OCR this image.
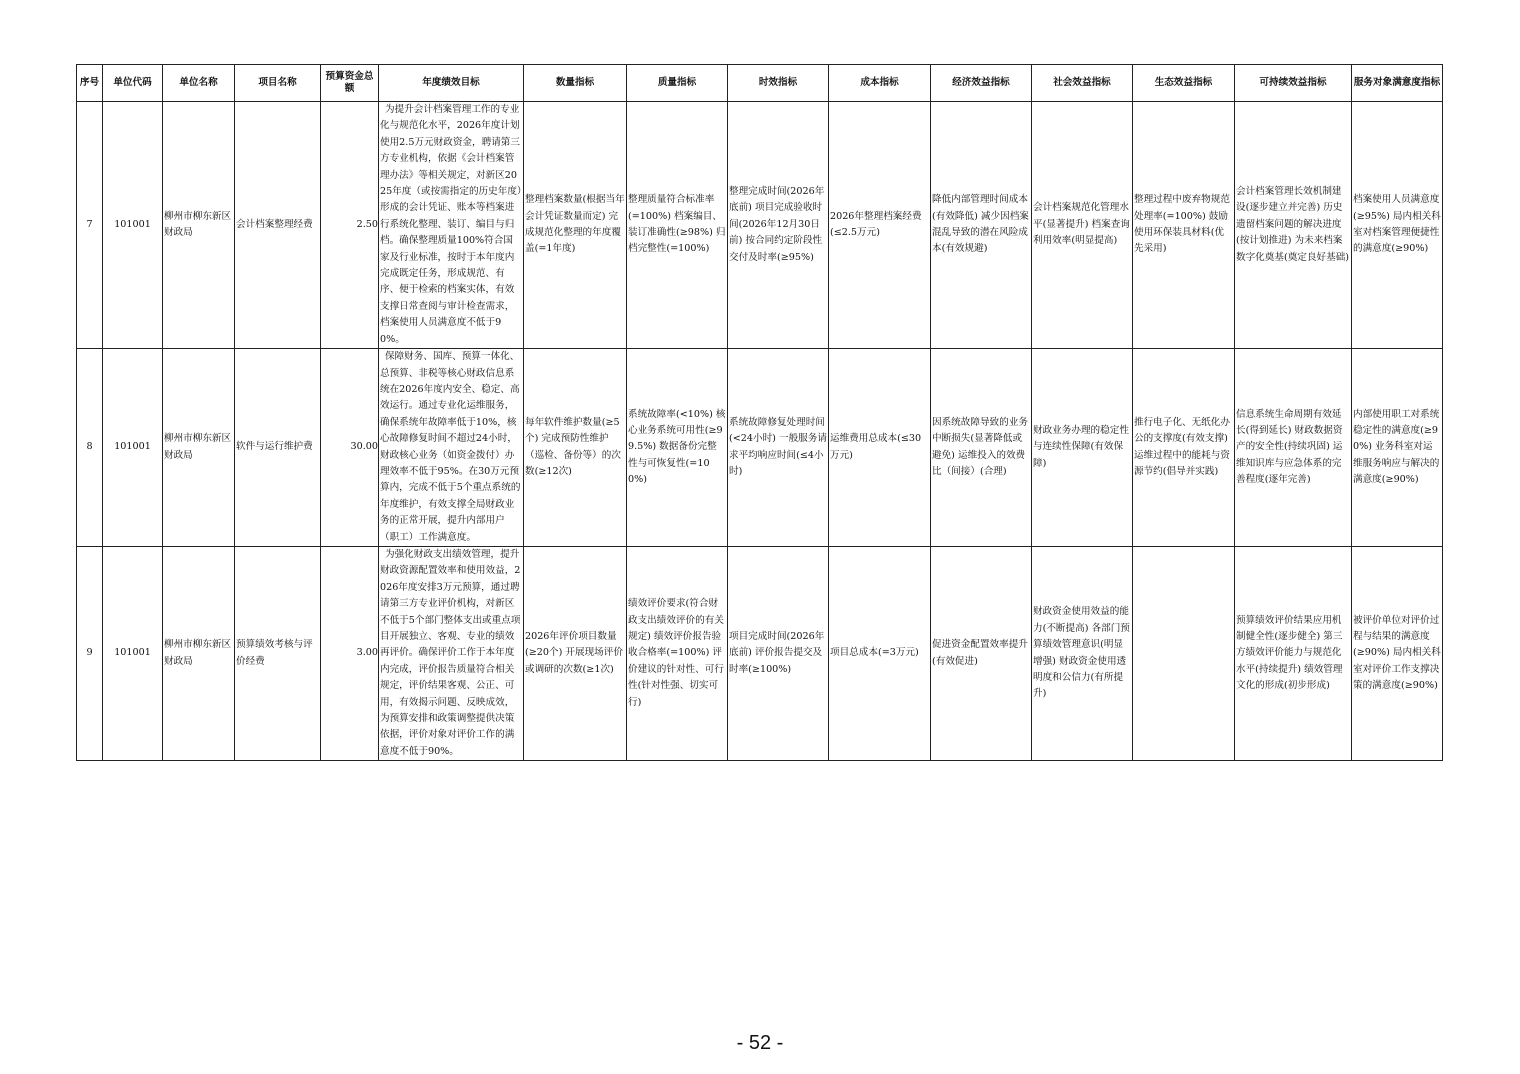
序号	单位代码	单位名称	项目名称	预算资金总额	年度绩效目标	数量指标	质量指标	时效指标	成本指标	经济效益指标	社会效益指标	生态效益指标	可持续效益指标	服务对象满意度指标
7	101001	柳州市柳东新区财政局	会计档案整理经费	2.50	为提升会计档案管理工作的专业化与规范化水平，2026年度计划使用2.5万元财政资金，聘请第三方专业机构，依据《会计档案管理办法》等相关规定，对新区2025年度（或按需指定的历史年度）形成的会计凭证、账本等档案进行系统化整理、装订、编目与归档。确保整理质量100%符合国家及行业标准，按时于本年度内完成既定任务，形成规范、有序、便于检索的档案实体，有效支撑日常查阅与审计检查需求，档案使用人员满意度不低于90%。	整理档案数量(根据当年会计凭证数量而定) 完成规范化整理的年度覆盖(=1年度)	整理质量符合标准率(=100%) 档案编目、装订准确性(≥98%) 归档完整性(=100%)	整理完成时间(2026年底前) 项目完成验收时间(2026年12月30日前) 按合同约定阶段性交付及时率(≥95%)	2026年整理档案经费(≤2.5万元)	降低内部管理时间成本(有效降低) 减少因档案混乱导致的潜在风险成本(有效规避)	会计档案规范化管理水平(显著提升) 档案查询利用效率(明显提高)	整理过程中废弃物规范处理率(=100%) 鼓励使用环保装具材料(优先采用)	会计档案管理长效机制建设(逐步建立并完善) 历史遗留档案问题的解决进度(按计划推进) 为未来档案数字化奠基(奠定良好基础)	档案使用人员满意度(≥95%) 局内相关科室对档案管理便捷性的满意度(≥90%)
8	101001	柳州市柳东新区财政局	软件与运行维护费	30.00	保障财务、国库、预算一体化、总预算、非税等核心财政信息系统在2026年度内安全、稳定、高效运行。通过专业化运维服务，确保系统年故障率低于10%，核心故障修复时间不超过24小时，财政核心业务（如资金拨付）办理效率不低于95%。在30万元预算内，完成不低于5个重点系统的年度维护，有效支撑全局财政业务的正常开展，提升内部用户（职工）工作满意度。	每年软件维护数量(≥5个) 完成预防性维护（巡检、备份等）的次数(≥12次)	系统故障率(<10%) 核心业务系统可用性(≥99.5%) 数据备份完整性与可恢复性(=100%)	系统故障修复处理时间(<24小时) 一般服务请求平均响应时间(≤4小时)	运维费用总成本(≤30万元)	因系统故障导致的业务中断损失(显著降低或避免) 运维投入的效费比（间接）(合理)	财政业务办理的稳定性与连续性保障(有效保障)	推行电子化、无纸化办公的支撑度(有效支撑) 运维过程中的能耗与资源节约(倡导并实践)	信息系统生命周期有效延长(得到延长) 财政数据资产的安全性(持续巩固) 运维知识库与应急体系的完善程度(逐年完善)	内部使用职工对系统稳定性的满意度(≥90%) 业务科室对运维服务响应与解决的满意度(≥90%)
9	101001	柳州市柳东新区财政局	预算绩效考核与评价经费	3.00	为强化财政支出绩效管理，提升财政资源配置效率和使用效益，2026年度安排3万元预算，通过聘请第三方专业评价机构，对新区不低于5个部门整体支出或重点项目开展独立、客观、专业的绩效再评价。确保评价工作于本年度内完成，评价报告质量符合相关规定，评价结果客观、公正、可用，有效揭示问题、反映成效，为预算安排和政策调整提供决策依据，评价对象对评价工作的满意度不低于90%。	2026年评价项目数量(≥20个) 开展现场评价或调研的次数(≥1次)	绩效评价要求(符合财政支出绩效评价的有关规定) 绩效评价报告验收合格率(=100%) 评价建议的针对性、可行性(针对性强、切实可行)	项目完成时间(2026年底前) 评价报告提交及时率(≥100%)	项目总成本(=3万元)	促进资金配置效率提升(有效促进)	财政资金使用效益的能力(不断提高) 各部门预算绩效管理意识(明显增强) 财政资金使用透明度和公信力(有所提升)		预算绩效评价结果应用机制健全性(逐步健全) 第三方绩效评价能力与规范化水平(持续提升) 绩效管理文化的形成(初步形成)	被评价单位对评价过程与结果的满意度(≥90%) 局内相关科室对评价工作支撑决策的满意度(≥90%)
- 52 -
